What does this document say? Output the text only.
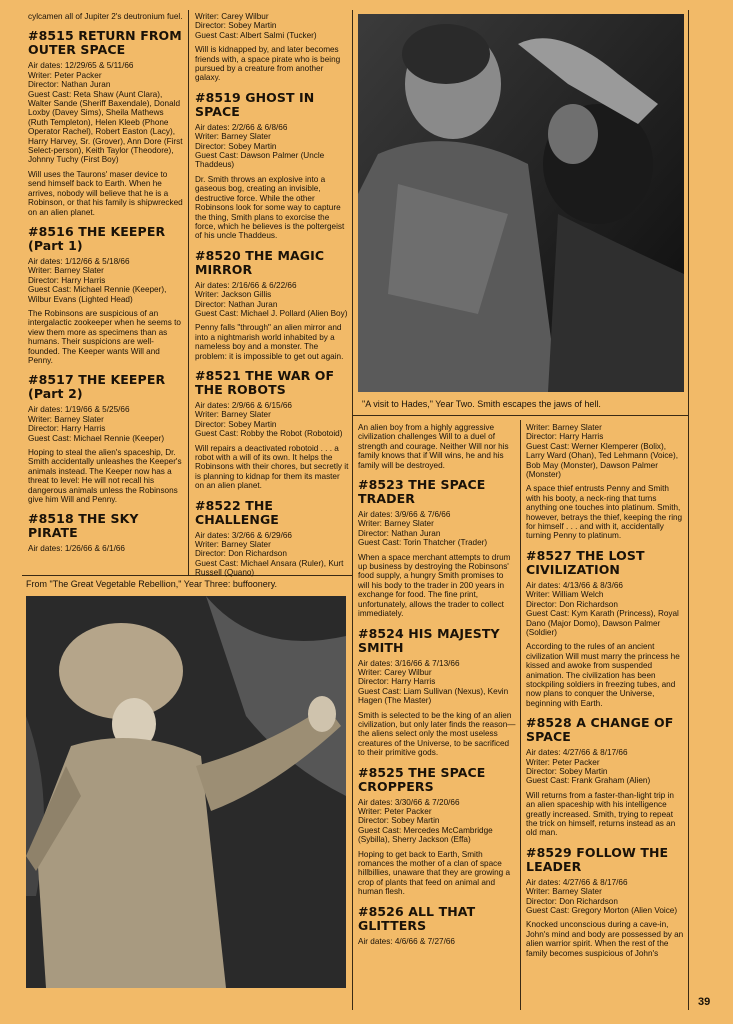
cylcamen all of Jupiter 2's deutronium fuel.

#8515 RETURN FROM OUTER SPACE
Air dates: 12/29/65 & 5/11/66
Writer: Peter Packer
Director: Nathan Juran
Guest Cast: Reta Shaw (Aunt Clara), Walter Sande (Sheriff Baxendale), Donald Loxby (Davey Sims), Sheila Mathews (Ruth Templeton), Helen Kleeb (Phone Operator Rachel), Robert Easton (Lacy), Harry Harvey, Sr. (Grover), Ann Dore (First Select-person), Keith Taylor (Theodore), Johnny Tuchy (First Boy)

Will uses the Taurons' maser device to send himself back to Earth. When he arrives, nobody will believe that he is a Robinson, or that his family is shipwrecked on an alien planet.

#8516 THE KEEPER (Part 1)
Air dates: 1/12/66 & 5/18/66
Writer: Barney Slater
Director: Harry Harris
Guest Cast: Michael Rennie (Keeper), Wilbur Evans (Lighted Head)

The Robinsons are suspicious of an intergalactic zookeeper when he seems to view them more as specimens than as humans. Their suspicions are well-founded. The Keeper wants Will and Penny.

#8517 THE KEEPER (Part 2)
Air dates: 1/19/66 & 5/25/66
Writer: Barney Slater
Director: Harry Harris
Guest Cast: Michael Rennie (Keeper)

Hoping to steal the alien's spaceship, Dr. Smith accidentally unleashes the Keeper's animals instead. The Keeper now has a threat to level: He will not recall his dangerous animals unless the Robinsons give him Will and Penny.

#8518 THE SKY PIRATE
Air dates: 1/26/66 & 6/1/66
Writer: Carey Wilbur
Director: Sobey Martin
Guest Cast: Albert Salmi (Tucker)

Will is kidnapped by, and later becomes friends with, a space pirate who is being pursued by a creature from another galaxy.

#8519 GHOST IN SPACE
Air dates: 2/2/66 & 6/8/66
Writer: Barney Slater
Director: Sobey Martin
Guest Cast: Dawson Palmer (Uncle Thaddeus)

Dr. Smith throws an explosive into a gaseous bog, creating an invisible, destructive force. While the other Robinsons look for some way to capture the thing, Smith plans to exorcise the force, which he believes is the poltergeist of his uncle Thaddeus.

#8520 THE MAGIC MIRROR
Air dates: 2/16/66 & 6/22/66
Writer: Jackson Gillis
Director: Nathan Juran
Guest Cast: Michael J. Pollard (Alien Boy)

Penny falls "through" an alien mirror and into a nightmarish world inhabited by a nameless boy and a monster. The problem: it is impossible to get out again.

#8521 THE WAR OF THE ROBOTS
Air dates: 2/9/66 & 6/15/66
Writer: Barney Slater
Director: Sobey Martin
Guest Cast: Robby the Robot (Robotoid)

Will repairs a deactivated robotoid . . . a robot with a will of its own. It helps the Robinsons with their chores, but secretly it is planning to kidnap for them its master on an alien planet.

#8522 THE CHALLENGE
Air dates: 3/2/66 & 6/29/66
Writer: Barney Slater
Director: Don Richardson
Guest Cast: Michael Ansara (Ruler), Kurt Russell (Quano)
"A visit to Hades," Year Two. Smith escapes the jaws of hell.
From "The Great Vegetable Rebellion," Year Three: buffoonery.

An alien boy from a highly aggressive civilization challenges Will to a duel of strength and courage. Neither Will nor his family knows that if Will wins, he and his family will be destroyed.

#8523 THE SPACE TRADER
Air dates: 3/9/66 & 7/6/66
Writer: Barney Slater
Director: Nathan Juran
Guest Cast: Torin Thatcher (Trader)

When a space merchant attempts to drum up business by destroying the Robinsons' food supply, a hungry Smith promises to will his body to the trader in 200 years in exchange for food. The fine print, unfortunately, allows the trader to collect immediately.

#8524 HIS MAJESTY SMITH
Air dates: 3/16/66 & 7/13/66
Writer: Carey Wilbur
Director: Harry Harris
Guest Cast: Liam Sullivan (Nexus), Kevin Hagen (The Master)

Smith is selected to be the king of an alien civilization, but only later finds the reason—the aliens select only the most useless creatures of the Universe, to be sacrificed to their primitive gods.

#8525 THE SPACE CROPPERS
Air dates: 3/30/66 & 7/20/66
Writer: Peter Packer
Director: Sobey Martin
Guest Cast: Mercedes McCambridge (Sybilla), Sherry Jackson (Effa)

Hoping to get back to Earth, Smith romances the mother of a clan of space hillbillies, unaware that they are growing a crop of plants that feed on animal and human flesh.

#8526 ALL THAT GLITTERS
Air dates: 4/6/66 & 7/27/66
Writer: Barney Slater
Director: Harry Harris
Guest Cast: Werner Klemperer (Bolix), Larry Ward (Ohan), Ted Lehmann (Voice), Bob May (Monster), Dawson Palmer (Monster)

A space thief entrusts Penny and Smith with his booty, a neck-ring that turns anything one touches into platinum. Smith, however, betrays the thief, keeping the ring for himself . . . and with it, accidentally turning Penny to platinum.

#8527 THE LOST CIVILIZATION
Air dates: 4/13/66 & 8/3/66
Writer: William Welch
Director: Don Richardson
Guest Cast: Kym Karath (Princess), Royal Dano (Major Domo), Dawson Palmer (Soldier)

According to the rules of an ancient civilization Will must marry the princess he kissed and awoke from suspended animation. The civilization has been stockpiling soldiers in freezing tubes, and now plans to conquer the Universe, beginning with Earth.

#8528 A CHANGE OF SPACE
Air dates: 4/27/66 & 8/17/66
Writer: Peter Packer
Director: Sobey Martin
Guest Cast: Frank Graham (Alien)

Will returns from a faster-than-light trip in an alien spaceship with his intelligence greatly increased. Smith, trying to repeat the trick on himself, returns instead as an old man.

#8529 FOLLOW THE LEADER
Air dates: 4/27/66 & 8/17/66
Writer: Barney Slater
Director: Don Richardson
Guest Cast: Gregory Morton (Alien Voice)

Knocked unconscious during a cave-in, John's mind and body are possessed by an alien warrior spirit. When the rest of the family becomes suspicious of John's

39
